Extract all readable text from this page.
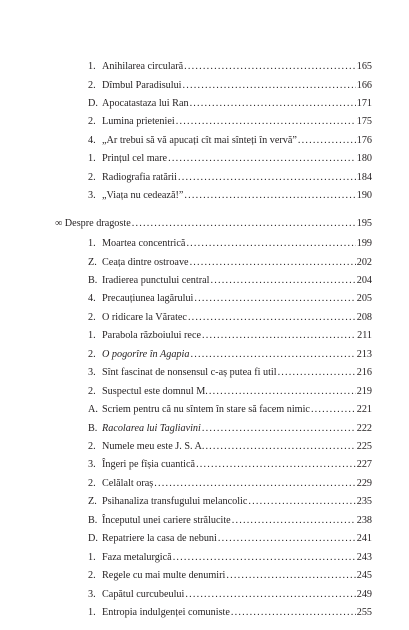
1. Anihilarea circulară .....	165
2. Dîmbul Paradisului .....	166
D. Apocatastaza lui Ran .....	171
2. Lumina prieteniei .....	175
4. „Ar trebui să vă apucați cît mai sînteți în vervă” .....	176
1. Prințul cel mare .....	180
2. Radiografia ratării .....	184
3. „Viața nu cedează!” .....	190
∞ Despre dragoste .....	195
1. Moartea concentrică .....	199
Z. Ceața dintre ostroave .....	202
B. Iradierea punctului central .....	204
4. Precauțiunea lagărului .....	205
2. O ridicare la Văratec .....	208
1. Parabola războiului rece .....	211
2. O pogorîre în Agapia .....	213
3. Sînt fascinat de nonsensul c-aș putea fi util .....	216
2. Suspectul este domnul M. .....	219
A. Scriem pentru că nu sîntem în stare să facem nimic .....	221
B. Racolarea lui Tagliavini .....	222
2. Numele meu este J. S. A. .....	225
3. Îngeri pe fîșia cuantică .....	227
2. Celălalt oraș .....	229
Z. Psihanaliza transfugului melancolic .....	235
B. Începutul unei cariere strălucite .....	238
D. Repatriere la casa de nebuni .....	241
1. Faza metalurgică .....	243
2. Regele cu mai multe denumiri .....	245
3. Capătul curcubeului .....	249
1. Entropia indulgenței comuniste .....	255
